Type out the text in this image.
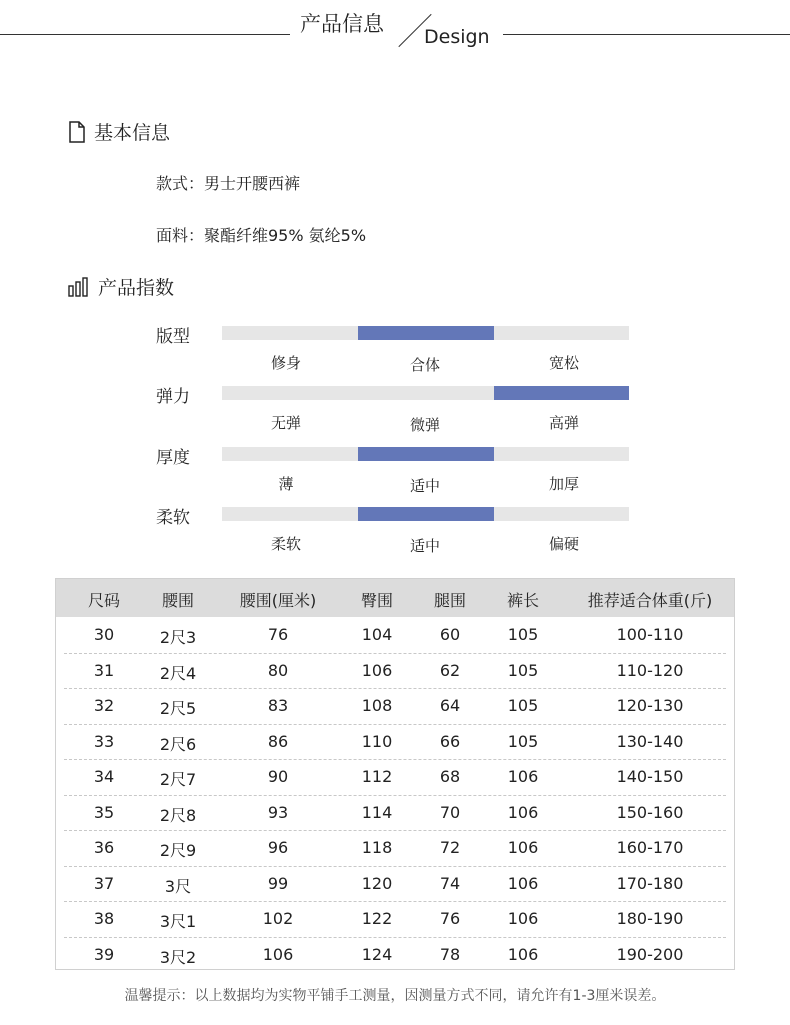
产品信息
Design
基本信息
款式：男士开腰西裤
面料：聚酯纤维95% 氨纶5%
产品指数
版型
修身	合体	宽松
弹力
无弹	微弹	高弹
厚度
薄	适中	加厚
柔软
柔软	适中	偏硬
尺码	腰围	腰围(厘米)	臀围	腿围	裤长	推荐适合体重(斤)
30	2尺3	76	104	60	105	100-110
31	2尺4	80	106	62	105	110-120
32	2尺5	83	108	64	105	120-130
33	2尺6	86	110	66	105	130-140
34	2尺7	90	112	68	106	140-150
35	2尺8	93	114	70	106	150-160
36	2尺9	96	118	72	106	160-170
37	3尺	99	120	74	106	170-180
38	3尺1	102	122	76	106	180-190
39	3尺2	106	124	78	106	190-200
温馨提示：以上数据均为实物平铺手工测量，因测量方式不同，请允许有1-3厘米误差。
